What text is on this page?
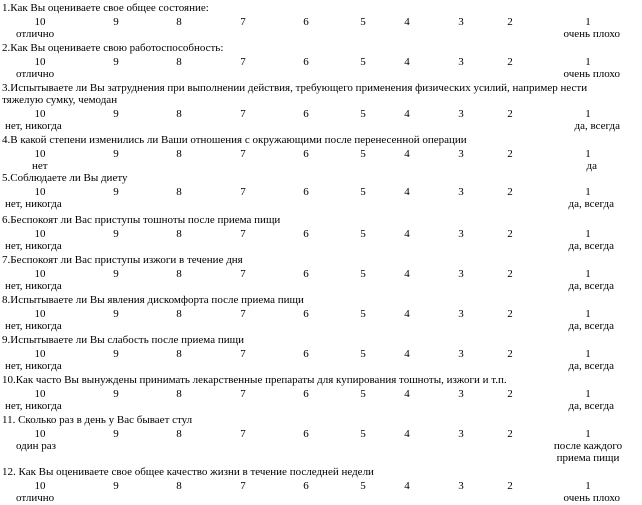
1.Как Вы оцениваете свое общее состояние:
10	9	8	7	6	5	4	3	2	1
отлично	очень плохо
2.Как Вы оцениваете свою работоспособность:
10	9	8	7	6	5	4	3	2	1
отлично	очень плохо
3.Испытываете ли Вы затруднения при выполнении действия, требующего применения физических усилий, например нести тяжелую сумку, чемодан
10	9	8	7	6	5	4	3	2	1
нет, никогда	да, всегда
4.В какой степени изменились ли Ваши отношения с окружающими после перенесенной операции
10	9	8	7	6	5	4	3	2	1
нет	да
5.Соблюдаете ли Вы диету
10	9	8	7	6	5	4	3	2	1
нет, никогда	да, всегда
6.Беспокоят ли Вас приступы тошноты после приема пищи
10	9	8	7	6	5	4	3	2	1
нет, никогда	да, всегда
7.Беспокоят ли Вас приступы изжоги в течение дня
10	9	8	7	6	5	4	3	2	1
нет, никогда	да, всегда
8.Испытываете ли Вы явления дискомфорта после приема пищи
10	9	8	7	6	5	4	3	2	1
нет, никогда	да, всегда
9.Испытываете ли Вы слабость после приема пищи
10	9	8	7	6	5	4	3	2	1
нет, никогда	да, всегда
10.Как часто Вы вынуждены принимать лекарственные препараты для купирования тошноты, изжоги и т.п.
10	9	8	7	6	5	4	3	2	1
нет, никогда	да, всегда
11. Сколько раз в день у Вас бывает стул
10	9	8	7	6	5	4	3	2	1
один раз	после каждого приема пищи
12. Как Вы оцениваете свое общее качество жизни в течение последней недели
10	9	8	7	6	5	4	3	2	1
отлично	очень плохо
